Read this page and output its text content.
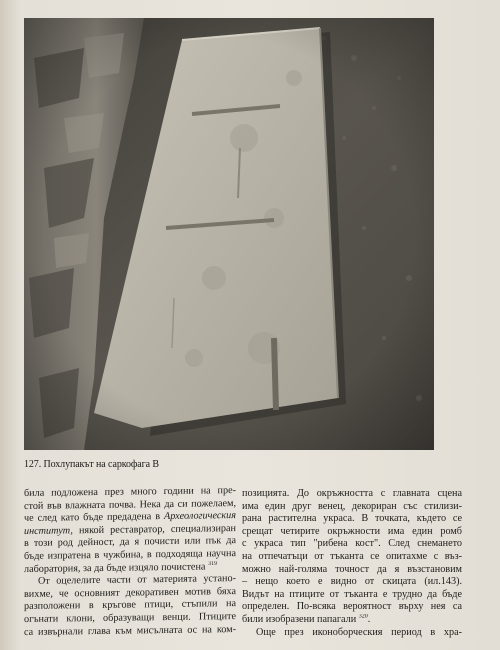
127. Похлупакът на саркофага В
била подложена през много години на пре-
стой във влажната почва. Нека да си пожелаем,
че след като бъде предадена в Археологическия
институт, някой реставратор, специализиран
в този род дейност, да я почисти или пък да
бъде изпратена в чужбина, в подходяща научна
лаборатория, за да бъде изцяло почистена $^{319}$
От оцелелите части от материята устано-
вихме, че основният декоративен мотив бяха
разположени в кръгове птици, стъпили на
огънати клони, образуващи венци. Птиците
са извърнали глава към мисълната ос на ком-
позицията. До окръжността с главната сцена
има един друг венец, декориран със стилизи-
рана растителна украса. В точката, където се
срещат четирите окръжности има един ромб
с украса тип "рибена кост". След снемането
на отпечатъци от тъканта се опитахме с въз-
можно най-голяма точност да я възстановим
– нещо което е видно от скицата (ил.143).
Видът на птиците от тъканта е трудно да бъде
определен. По-всяка вероятност върху нея са
били изобразени папагали $^{320}$.
Още през иконоборческия период в хра-
